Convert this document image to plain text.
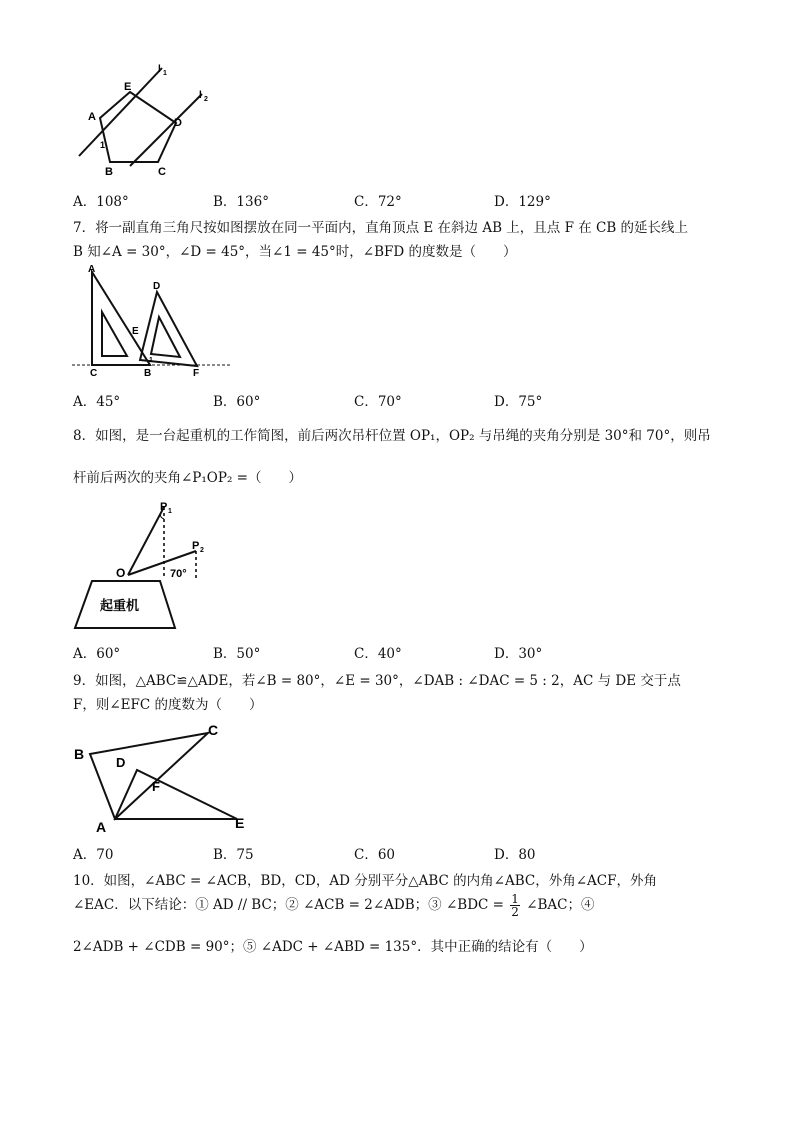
E
A	D
B	C
1
l 1
l 2
A．108°	B．136°	C．72°	D．129°
7．将一副直角三角尺按如图摆放在同一平面内，直角顶点 E 在斜边 AB 上，且点 F 在 CB 的延长线上
B 知∠A = 30°，∠D = 45°，当∠1 = 45°时，∠BFD 的度数是（　　）
A
D
E
C	B	F
1
A．45°	B．60°	C．70°	D．75°
8．如图，是一台起重机的工作简图，前后两次吊杆位置 OP₁，OP₂ 与吊绳的夹角分别是 30°和 70°，则吊
杆前后两次的夹角∠P₁OP₂ =（　　）
P 1
P 2
O	70°
起重机
A．60°	B．50°	C．40°	D．30°
9．如图，△ABC≌△ADE，若∠B = 80°，∠E = 30°，∠DAB : ∠DAC = 5 : 2，AC 与 DE 交于点
F，则∠EFC 的度数为（　　）
B
C
D
F
A	E
A．70	B．75	C．60	D．80
10．如图，∠ABC = ∠ACB，BD，CD，AD 分别平分△ABC 的内角∠ABC，外角∠ACF，外角
∠EAC．以下结论：① AD // BC；② ∠ACB = 2∠ADB；③ ∠BDC = $\frac{1}{2}$ ∠BAC；④
2∠ADB + ∠CDB = 90°；⑤ ∠ADC + ∠ABD = 135°．其中正确的结论有（　　）
